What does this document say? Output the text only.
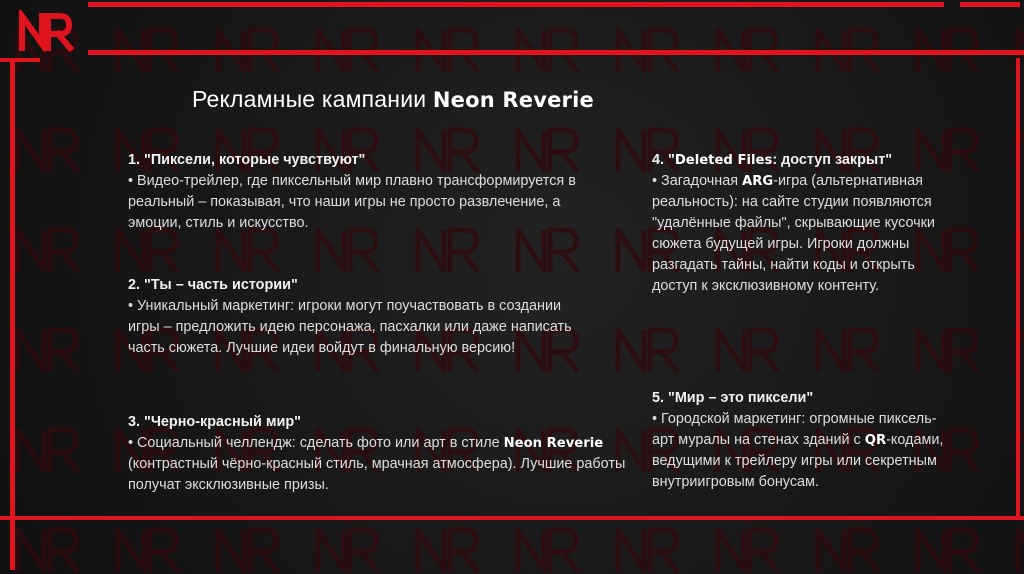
Рекламные кампании Neon Reverie
1. "Пиксели, которые чувствуют"
• Видео-трейлер, где пиксельный мир плавно трансформируется в реальный – показывая, что наши игры не просто развлечение, а эмоции, стиль и искусство.
2. "Ты – часть истории"
• Уникальный маркетинг: игроки могут поучаствовать в создании игры – предложить идею персонажа, пасхалки или даже написать часть сюжета. Лучшие идеи войдут в финальную версию!
3. "Черно-красный мир"
• Социальный челлендж: сделать фото или арт в стиле Neon Reverie (контрастный чёрно-красный стиль, мрачная атмосфера). Лучшие работы получат эксклюзивные призы.
4. "Deleted Files: доступ закрыт"
• Загадочная ARG-игра (альтернативная реальность): на сайте студии появляются "удалённые файлы", скрывающие кусочки сюжета будущей игры. Игроки должны разгадать тайны, найти коды и открыть доступ к эксклюзивному контенту.
5. "Мир – это пиксели"
• Городской маркетинг: огромные пиксель-арт муралы на стенах зданий с QR-кодами, ведущими к трейлеру игры или секретным внутриигровым бонусам.
